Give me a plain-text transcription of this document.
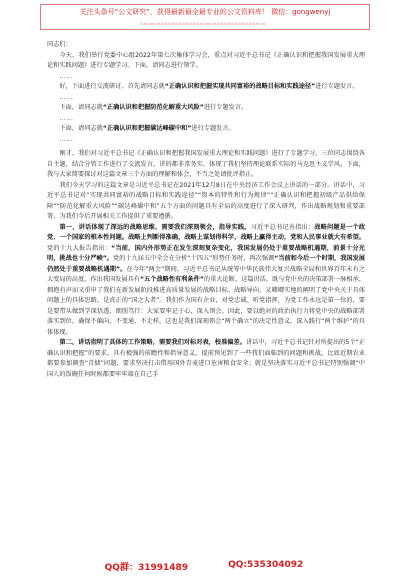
关注头条号“公文研究”，获得最新最全最专业的公文资料库！ 微信：gongwenyj
。。。。。。。。。。。。。。。。。。。。。。。。。。。。。。。。。。。。

同志们：

今天，我们举行党委中心组2022年第七次集体学习会，重点对习近平总书记《正确认识和把握我国发展重大理论和实践问题》进行专题学习。下面，请同志进行领学。

……

好，下面进行交流研讨。首先请同志就“正确认识和把握实现共同富裕的战略目标和实践途径”进行专题发言。

……

下面，请同志就“正确认识和把握防范化解重大风险”进行专题发言。

……

下面，请同志就“正确认识和把握碳达峰碳中和”进行专题发言。

……

刚才，我们对习近平总书记《正确认识和把握我国发展重大理论和实践问题》进行了专题学习，三位同志围绕各自主题，结合分管工作进行了交流发言，讲的都非常务实，体现了我们坚持理论联系实际的马克思主义学风。下面，我与大家简要探讨对这篇文章三个方面的理解和体会，不当之处请批评指正。

我们今天学习的这篇文章是习近平总书记在2021年12月8日在中央经济工作会议上讲话的一部分。讲话中，习近平总书记对“实现共同富裕的战略目标和实践途径”“资本的特性和行为规律”“正确认识和把握初级产品供给保障”“防范化解重大风险”“碳达峰碳中和”五个方面的问题具有全局的高度进行了深入研判，作出战略规划和重要部署，为我们今后开展相关工作提供了重要遵循。

第一，讲话体现了深远的战略思维，需要我们深刻领会，指导实践。习近平总书记善指出：战略问题是一个政党、一个国家的根本性问题。战略上判断得准确，战略上谋划得科学，战略上赢得主动，党和人民事业就大有希望。党的十九大报告指出：“当前，国内外形势正在发生深刻复杂变化，我国发展仍处于重要战略机遇期，前景十分光明，挑战也十分严峻”。党的十九届五中全会在分析“十四五”形势任务时，再次强调“当前和今后一个时期，我国发展仍然处于重要战略机遇期”。在今年“两会”期间，习近平总书记从统筹中华民族伟大复兴战略全局和世界百年未有之大变局的高度，作出我国发展具有“五个战略性有利条件”的重大论断。这篇讲话，既与党中央的决策部署一脉相承，拥抱有声而又重申了我们在新发展阶段推进高质量发展的战略目标、战略导向，又卿卿实地的阐明了党中央关于具体问题上的具体思路，是真正的“国之大者”。我们作为国有企业，对党忠诚、听党指挥，为党工作永远是第一位的，要是要带头做到学深悟透、细照笃行：大家要牢记于心，深入领会。因此，要以绝对的政治执行力将党中央的战略部署落实到位，确保不偏向、不变通、不走样，这也是我们深刻领会“两个确立”的决定性意义、深入践行“两个维护”的具体体现。

第二，讲话指明了具体的工作策略，需要我们对标对表，校准偏差。讲话中，习近平总书记针对所提出的5个“正确认识和把握”的要求，具有极强的前瞻性和指导意义，提前预见到了一些我们面临到的问题和挑战，比如近期农业都要参加调查“青储”问题，要求坚决打击借用国外青麦进口危害粮食安全；就是坚决落实习近平总书记特别强调“中国人的饭碗任何时候都要牢牢端在自己手

QQ群：31991489	QQ:535304092
